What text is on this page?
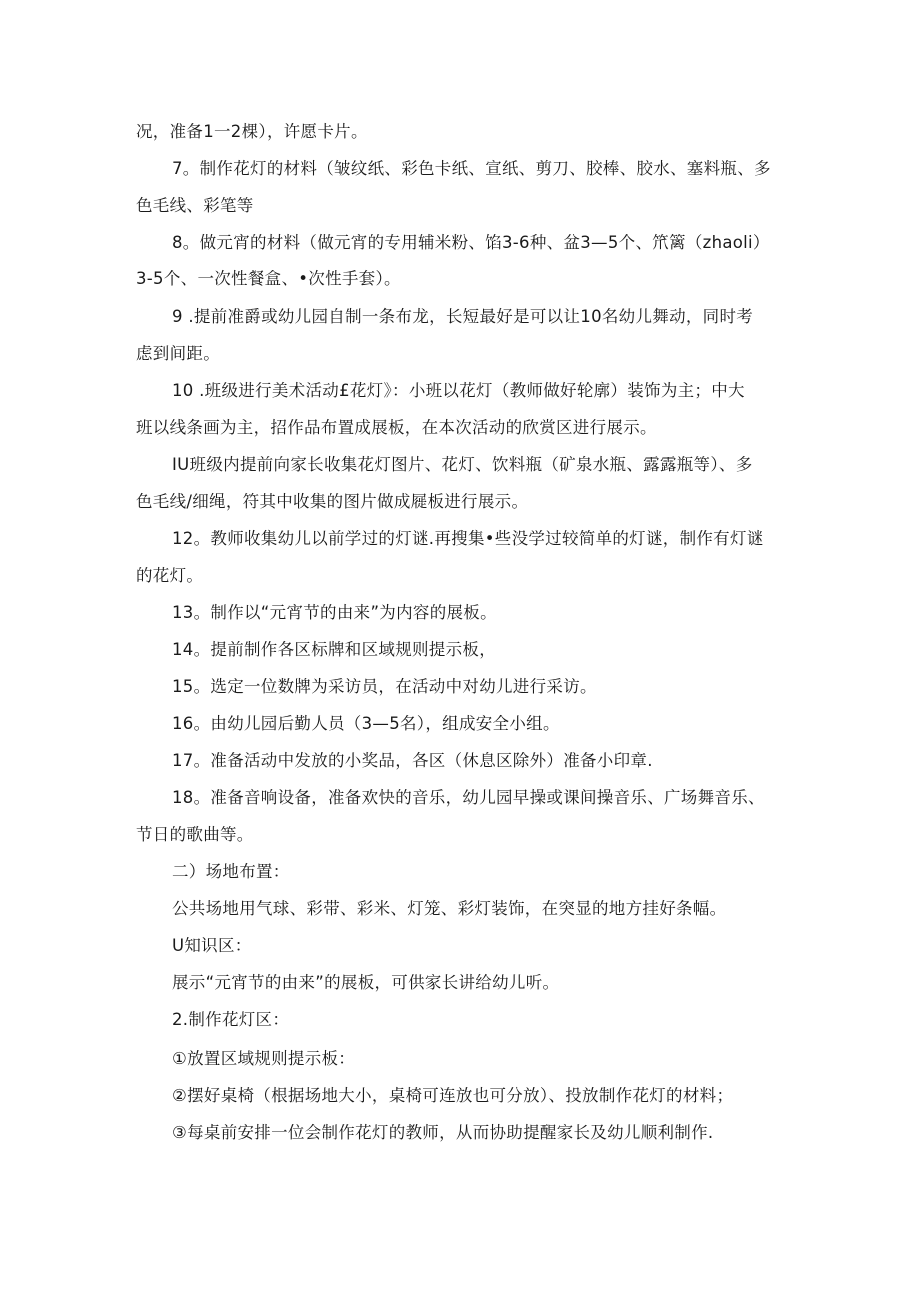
况，准备1一2棵），许愿卡片。
7。制作花灯的材料（皱纹纸、彩色卡纸、宣纸、剪刀、胶棒、胶水、塞料瓶、多
色毛线、彩笔等
8。做元宵的材料（做元宵的专用辅米粉、馅3-6种、盆3—5个、笊篱（zhaoli）
3-5个、一次性餐盒、•次性手套）。
9 .提前准爵或幼儿园自制一条布龙，长短最好是可以让10名幼儿舞动，同时考
虑到间距。
10 .班级进行美术活动£花灯》：小班以花灯（教师做好轮廓）装饰为主；中大
班以线条画为主，招作品布置成展板，在本次活动的欣赏区进行展示。
IU班级内提前向家长收集花灯图片、花灯、饮料瓶（矿泉水瓶、露露瓶等）、多
色毛线/细绳，符其中收集的图片做成屣板进行展示。
12。教师收集幼儿以前学过的灯谜.再搜集•些没学过较简单的灯谜，制作有灯谜
的花灯。
13。制作以“元宵节的由来”为内容的展板。
14。提前制作各区标牌和区域规则提示板，
15。选定一位数牌为采访员，在活动中对幼儿进行采访。
16。由幼儿园后勤人员（3—5名），组成安全小组。
17。准备活动中发放的小奖品，各区（休息区除外）准备小印章.
18。准备音响设备，准备欢快的音乐，幼儿园早操或课间操音乐、广场舞音乐、
节日的歌曲等。
二）场地布置：
公共场地用气球、彩带、彩米、灯笼、彩灯装饰，在突显的地方挂好条幅。
U知识区：
展示“元宵节的由来”的展板，可供家长讲给幼儿听。
2.制作花灯区：
①放置区域规则提示板：
②摆好桌椅（根据场地大小，桌椅可连放也可分放）、投放制作花灯的材料；
③每桌前安排一位会制作花灯的教师，从而协助提醒家长及幼儿顺利制作.
